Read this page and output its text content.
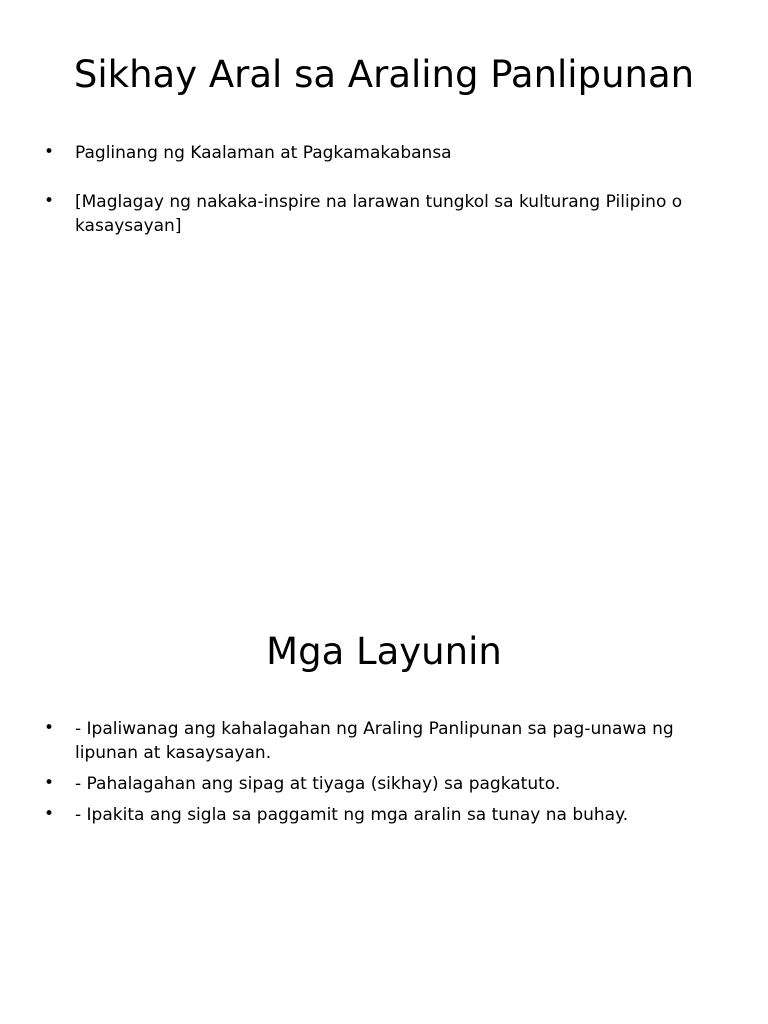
Sikhay Aral sa Araling Panlipunan
• Paglinang ng Kaalaman at Pagkamakabansa
• [Maglagay ng nakaka-inspire na larawan tungkol sa kulturang Pilipino o kasaysayan]
Mga Layunin
• - Ipaliwanag ang kahalagahan ng Araling Panlipunan sa pag-unawa ng lipunan at kasaysayan.
• - Pahalagahan ang sipag at tiyaga (sikhay) sa pagkatuto.
• - Ipakita ang sigla sa paggamit ng mga aralin sa tunay na buhay.
